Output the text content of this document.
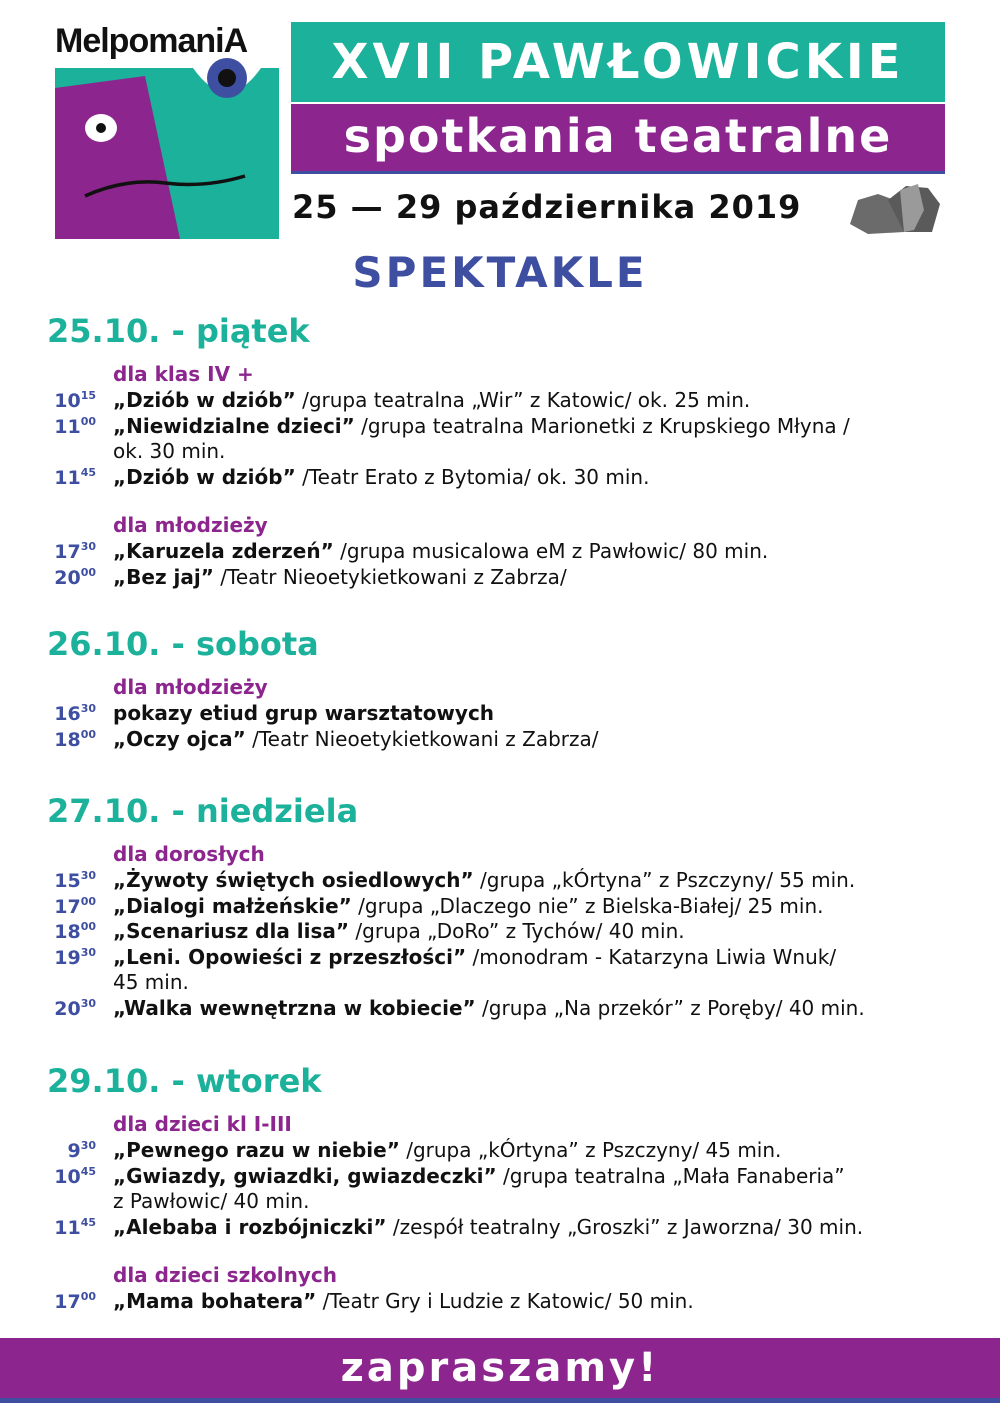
MelpomaniA	XVII PAWŁOWICKIE
spotkania teatralne
25 — 29 października 2019
SPEKTAKLE
25.10. - piątek
dla klas IV +
$10^{15}$ „Dziób w dziób” /grupa teatralna „Wir” z Katowic/ ok. 25 min.
$11^{00}$ „Niewidzialne dzieci” /grupa teatralna Marionetki z Krupskiego Młyna /
ok. 30 min.
$11^{45}$ „Dziób w dziób” /Teatr Erato z Bytomia/ ok. 30 min.
dla młodzieży
$17^{30}$ „Karuzela zderzeń” /grupa musicalowa eM z Pawłowic/ 80 min.
$20^{00}$ „Bez jaj” /Teatr Nieoetykietkowani z Zabrza/
26.10. - sobota
dla młodzieży
$16^{30}$ pokazy etiud grup warsztatowych
$18^{00}$ „Oczy ojca” /Teatr Nieoetykietkowani z Zabrza/
27.10. - niedziela
dla dorosłych
$15^{30}$ „Żywoty świętych osiedlowych” /grupa „kÓrtyna” z Pszczyny/ 55 min.
$17^{00}$ „Dialogi małżeńskie” /grupa „Dlaczego nie” z Bielska-Białej/ 25 min.
$18^{00}$ „Scenariusz dla lisa” /grupa „DoRo” z Tychów/ 40 min.
$19^{30}$ „Leni. Opowieści z przeszłości” /monodram - Katarzyna Liwia Wnuk/
45 min.
$20^{30}$ „Walka wewnętrzna w kobiecie” /grupa „Na przekór” z Poręby/ 40 min.
29.10. - wtorek
dla dzieci kl I-III
$9^{30}$ „Pewnego razu w niebie” /grupa „kÓrtyna” z Pszczyny/ 45 min.
$10^{45}$ „Gwiazdy, gwiazdki, gwiazdeczki” /grupa teatralna „Mała Fanaberia”
z Pawłowic/ 40 min.
$11^{45}$ „Alebaba i rozbójniczki” /zespół teatralny „Groszki” z Jaworzna/ 30 min.
dla dzieci szkolnych
$17^{00}$ „Mama bohatera” /Teatr Gry i Ludzie z Katowic/ 50 min.
zapraszamy!
